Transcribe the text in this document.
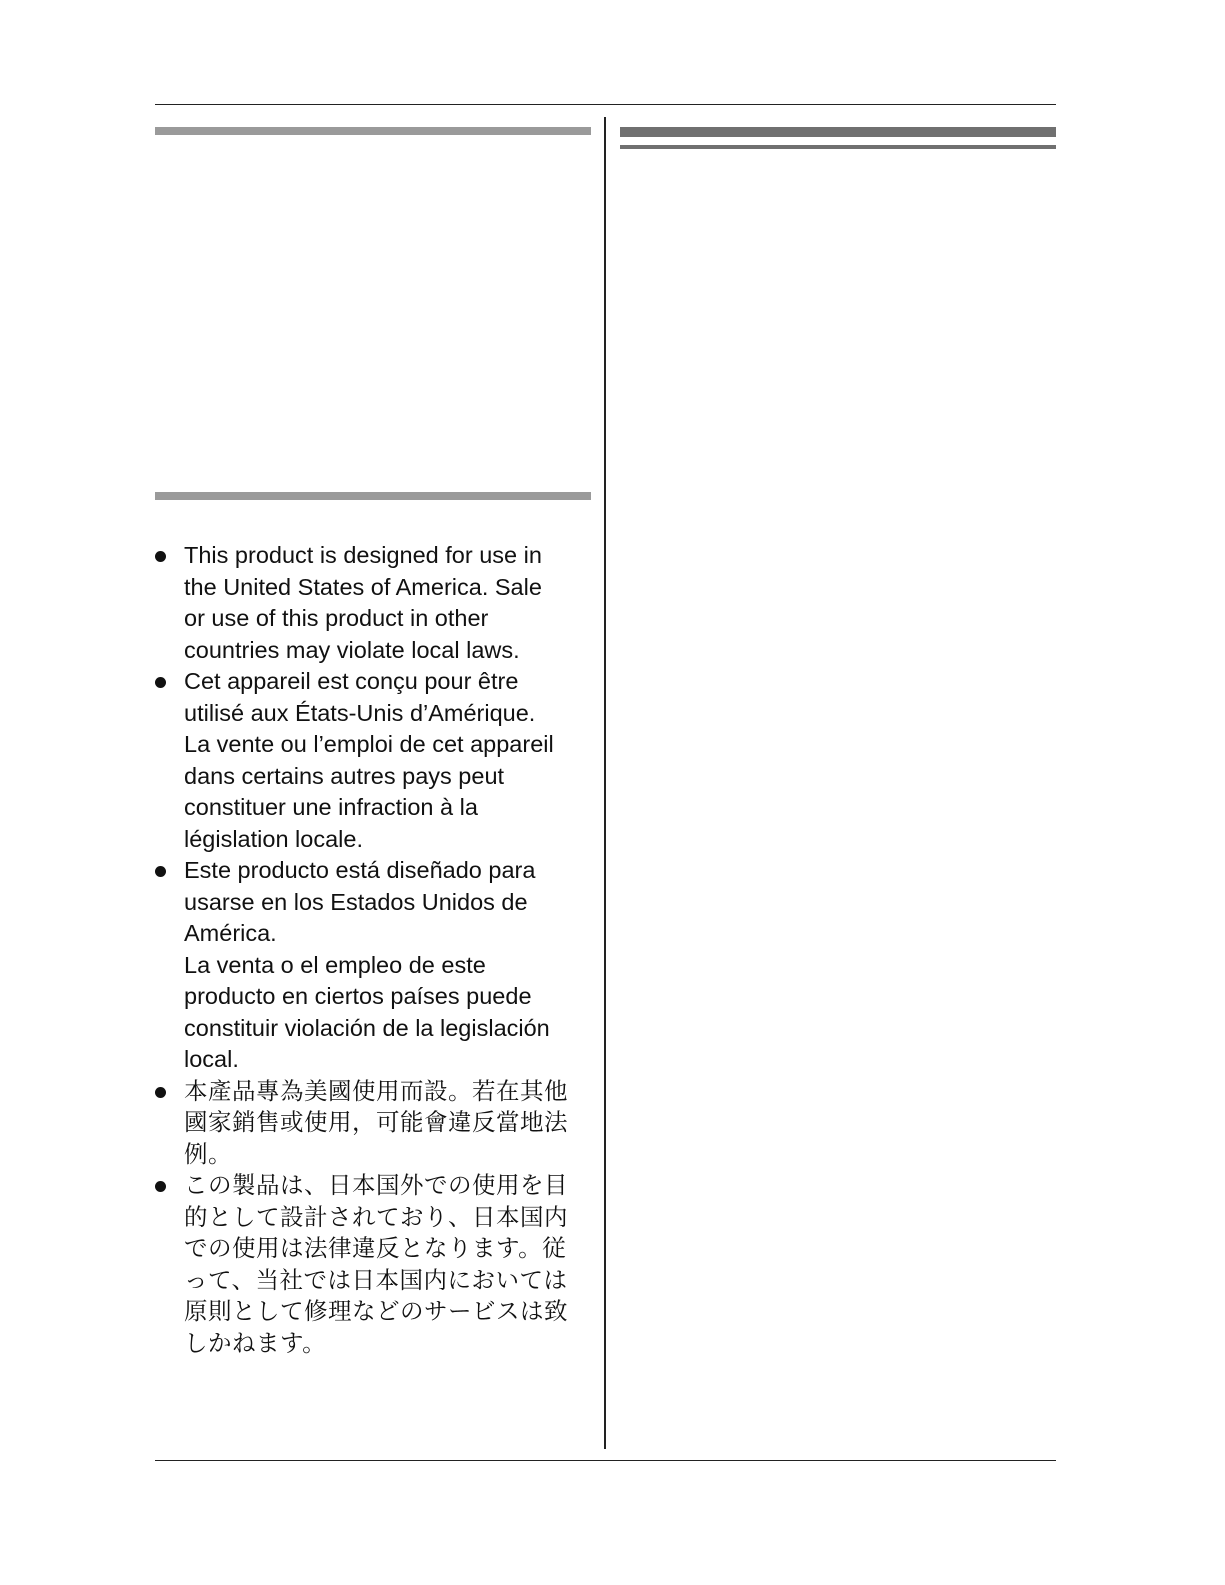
This product is designed for use in
the United States of America. Sale
or use of this product in other
countries may violate local laws.
Cet appareil est conçu pour être
utilisé aux États-Unis d’Amérique.
La vente ou l’emploi de cet appareil
dans certains autres pays peut
constituer une infraction à la
législation locale.
Este producto está diseñado para
usarse en los Estados Unidos de
América.
La venta o el empleo de este
producto en ciertos países puede
constituir violación de la legislación
local.
本產品專為美國使用而設。若在其他
國家銷售或使用，可能會違反當地法
例。
この製品は、日本国外での使用を目
的として設計されており、日本国内
での使用は法律違反となります。従
って、当社では日本国内においては
原則として修理などのサービスは致
しかねます。
